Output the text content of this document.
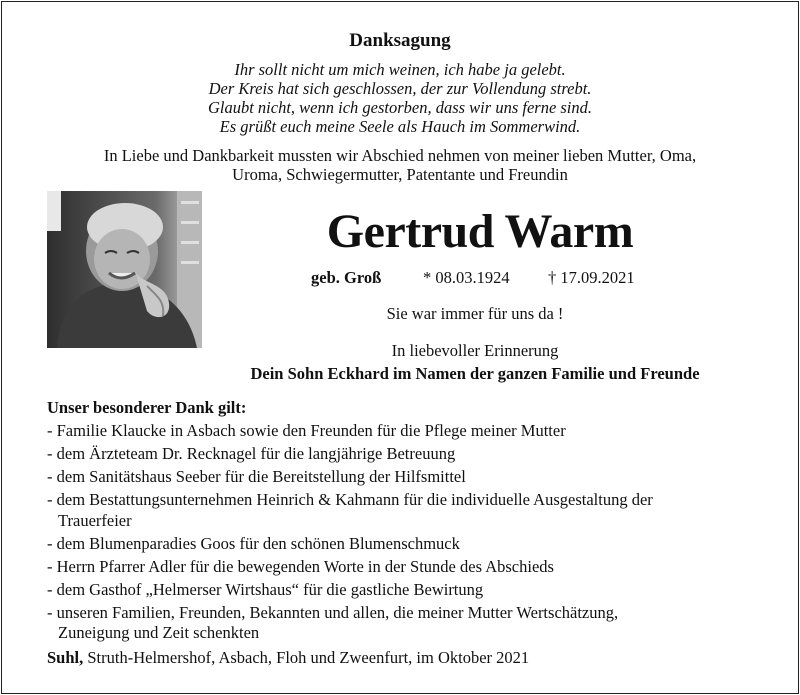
Danksagung
Ihr sollt nicht um mich weinen, ich habe ja gelebt.
Der Kreis hat sich geschlossen, der zur Vollendung strebt.
Glaubt nicht, wenn ich gestorben, dass wir uns ferne sind.
Es grüßt euch meine Seele als Hauch im Sommerwind.
In Liebe und Dankbarkeit mussten wir Abschied nehmen von meiner lieben Mutter, Oma,
Uroma, Schwiegermutter, Patentante und Freundin
Gertrud Warm
geb. Groß	* 08.03.1924 † 17.09.2021
Sie war immer für uns da !
In liebevoller Erinnerung
Dein Sohn Eckhard im Namen der ganzen Familie und Freunde
Unser besonderer Dank gilt:
- Familie Klaucke in Asbach sowie den Freunden für die Pflege meiner Mutter
- dem Ärzteteam Dr. Recknagel für die langjährige Betreuung
- dem Sanitätshaus Seeber für die Bereitstellung der Hilfsmittel
- dem Bestattungsunternehmen Heinrich & Kahmann für die individuelle Ausgestaltung der Trauerfeier
- dem Blumenparadies Goos für den schönen Blumenschmuck
- Herrn Pfarrer Adler für die bewegenden Worte in der Stunde des Abschieds
- dem Gasthof „Helmerser Wirtshaus“ für die gastliche Bewirtung
- unseren Familien, Freunden, Bekannten und allen, die meiner Mutter Wertschätzung, Zuneigung und Zeit schenkten
Suhl, Struth-Helmershof, Asbach, Floh und Zweenfurt, im Oktober 2021
